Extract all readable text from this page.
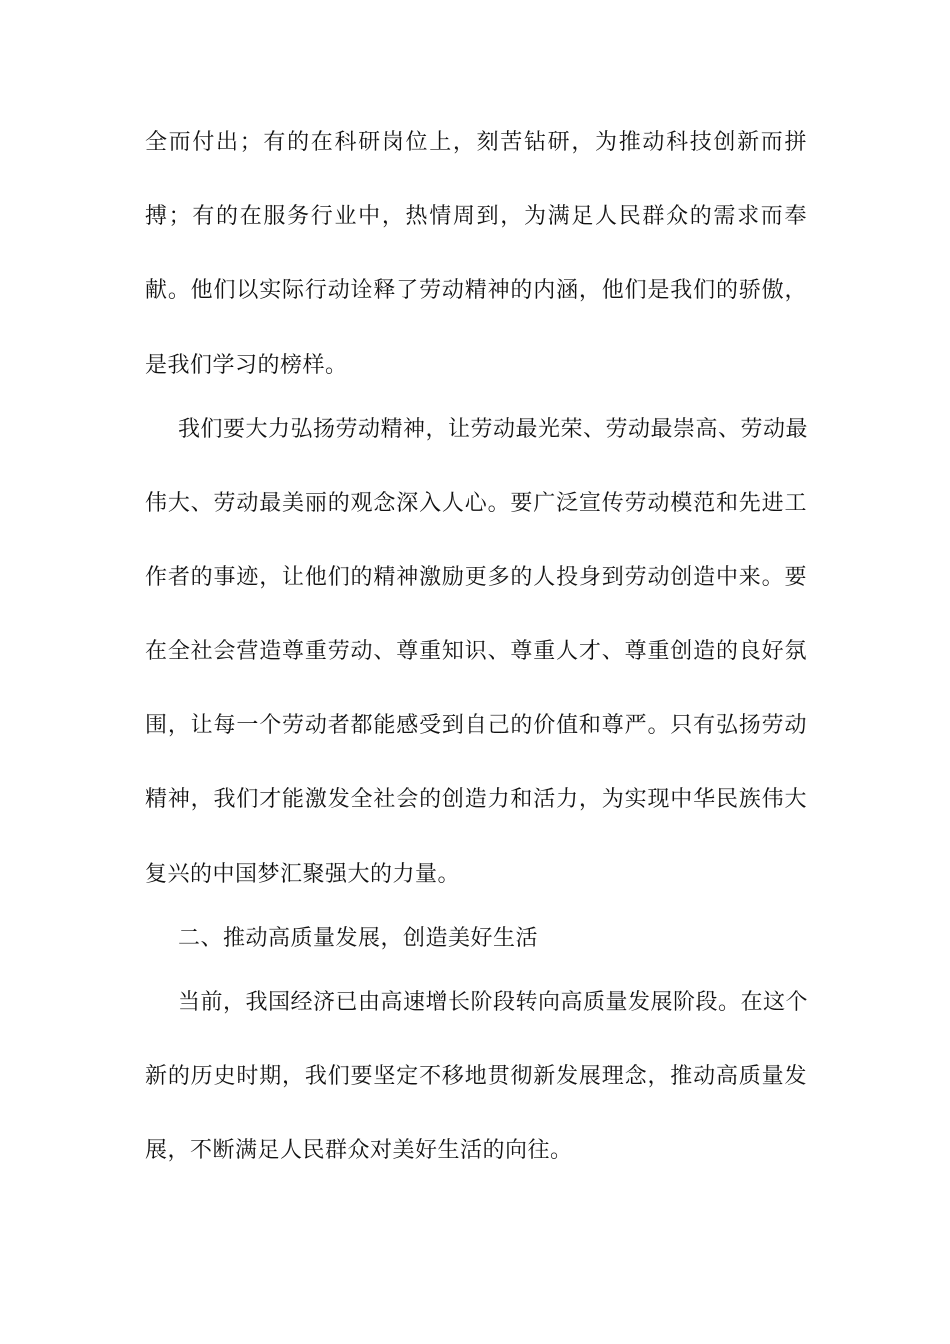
全而付出；有的在科研岗位上，刻苦钻研，为推动科技创新而拼
搏；有的在服务行业中，热情周到，为满足人民群众的需求而奉
献。他们以实际行动诠释了劳动精神的内涵，他们是我们的骄傲，
是我们学习的榜样。
我们要大力弘扬劳动精神，让劳动最光荣、劳动最崇高、劳动最
伟大、劳动最美丽的观念深入人心。要广泛宣传劳动模范和先进工
作者的事迹，让他们的精神激励更多的人投身到劳动创造中来。要
在全社会营造尊重劳动、尊重知识、尊重人才、尊重创造的良好氛
围，让每一个劳动者都能感受到自己的价值和尊严。只有弘扬劳动
精神，我们才能激发全社会的创造力和活力，为实现中华民族伟大
复兴的中国梦汇聚强大的力量。
二、推动高质量发展，创造美好生活
当前，我国经济已由高速增长阶段转向高质量发展阶段。在这个
新的历史时期，我们要坚定不移地贯彻新发展理念，推动高质量发
展，不断满足人民群众对美好生活的向往。
